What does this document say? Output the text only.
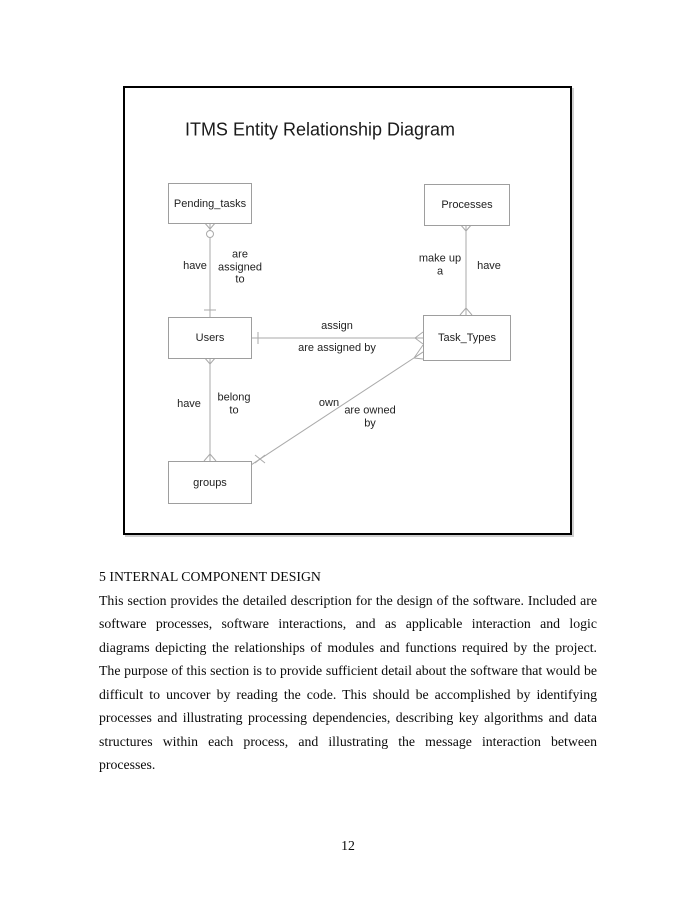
ITMS Entity Relationship Diagram
Pending_tasks	Processes
Users	Task_Types
groups
have
are assigned to
make up a	have
assign
are assigned by
have
belong to
own
are owned by
5 INTERNAL COMPONENT DESIGN

This section provides the detailed description for the design of the software. Included are software processes, software interactions, and as applicable interaction and logic diagrams depicting the relationships of modules and functions required by the project. The purpose of this section is to provide sufficient detail about the software that would be difficult to uncover by reading the code. This should be accomplished by identifying processes and illustrating processing dependencies, describing key algorithms and data structures within each process, and illustrating the message interaction between processes.

12
